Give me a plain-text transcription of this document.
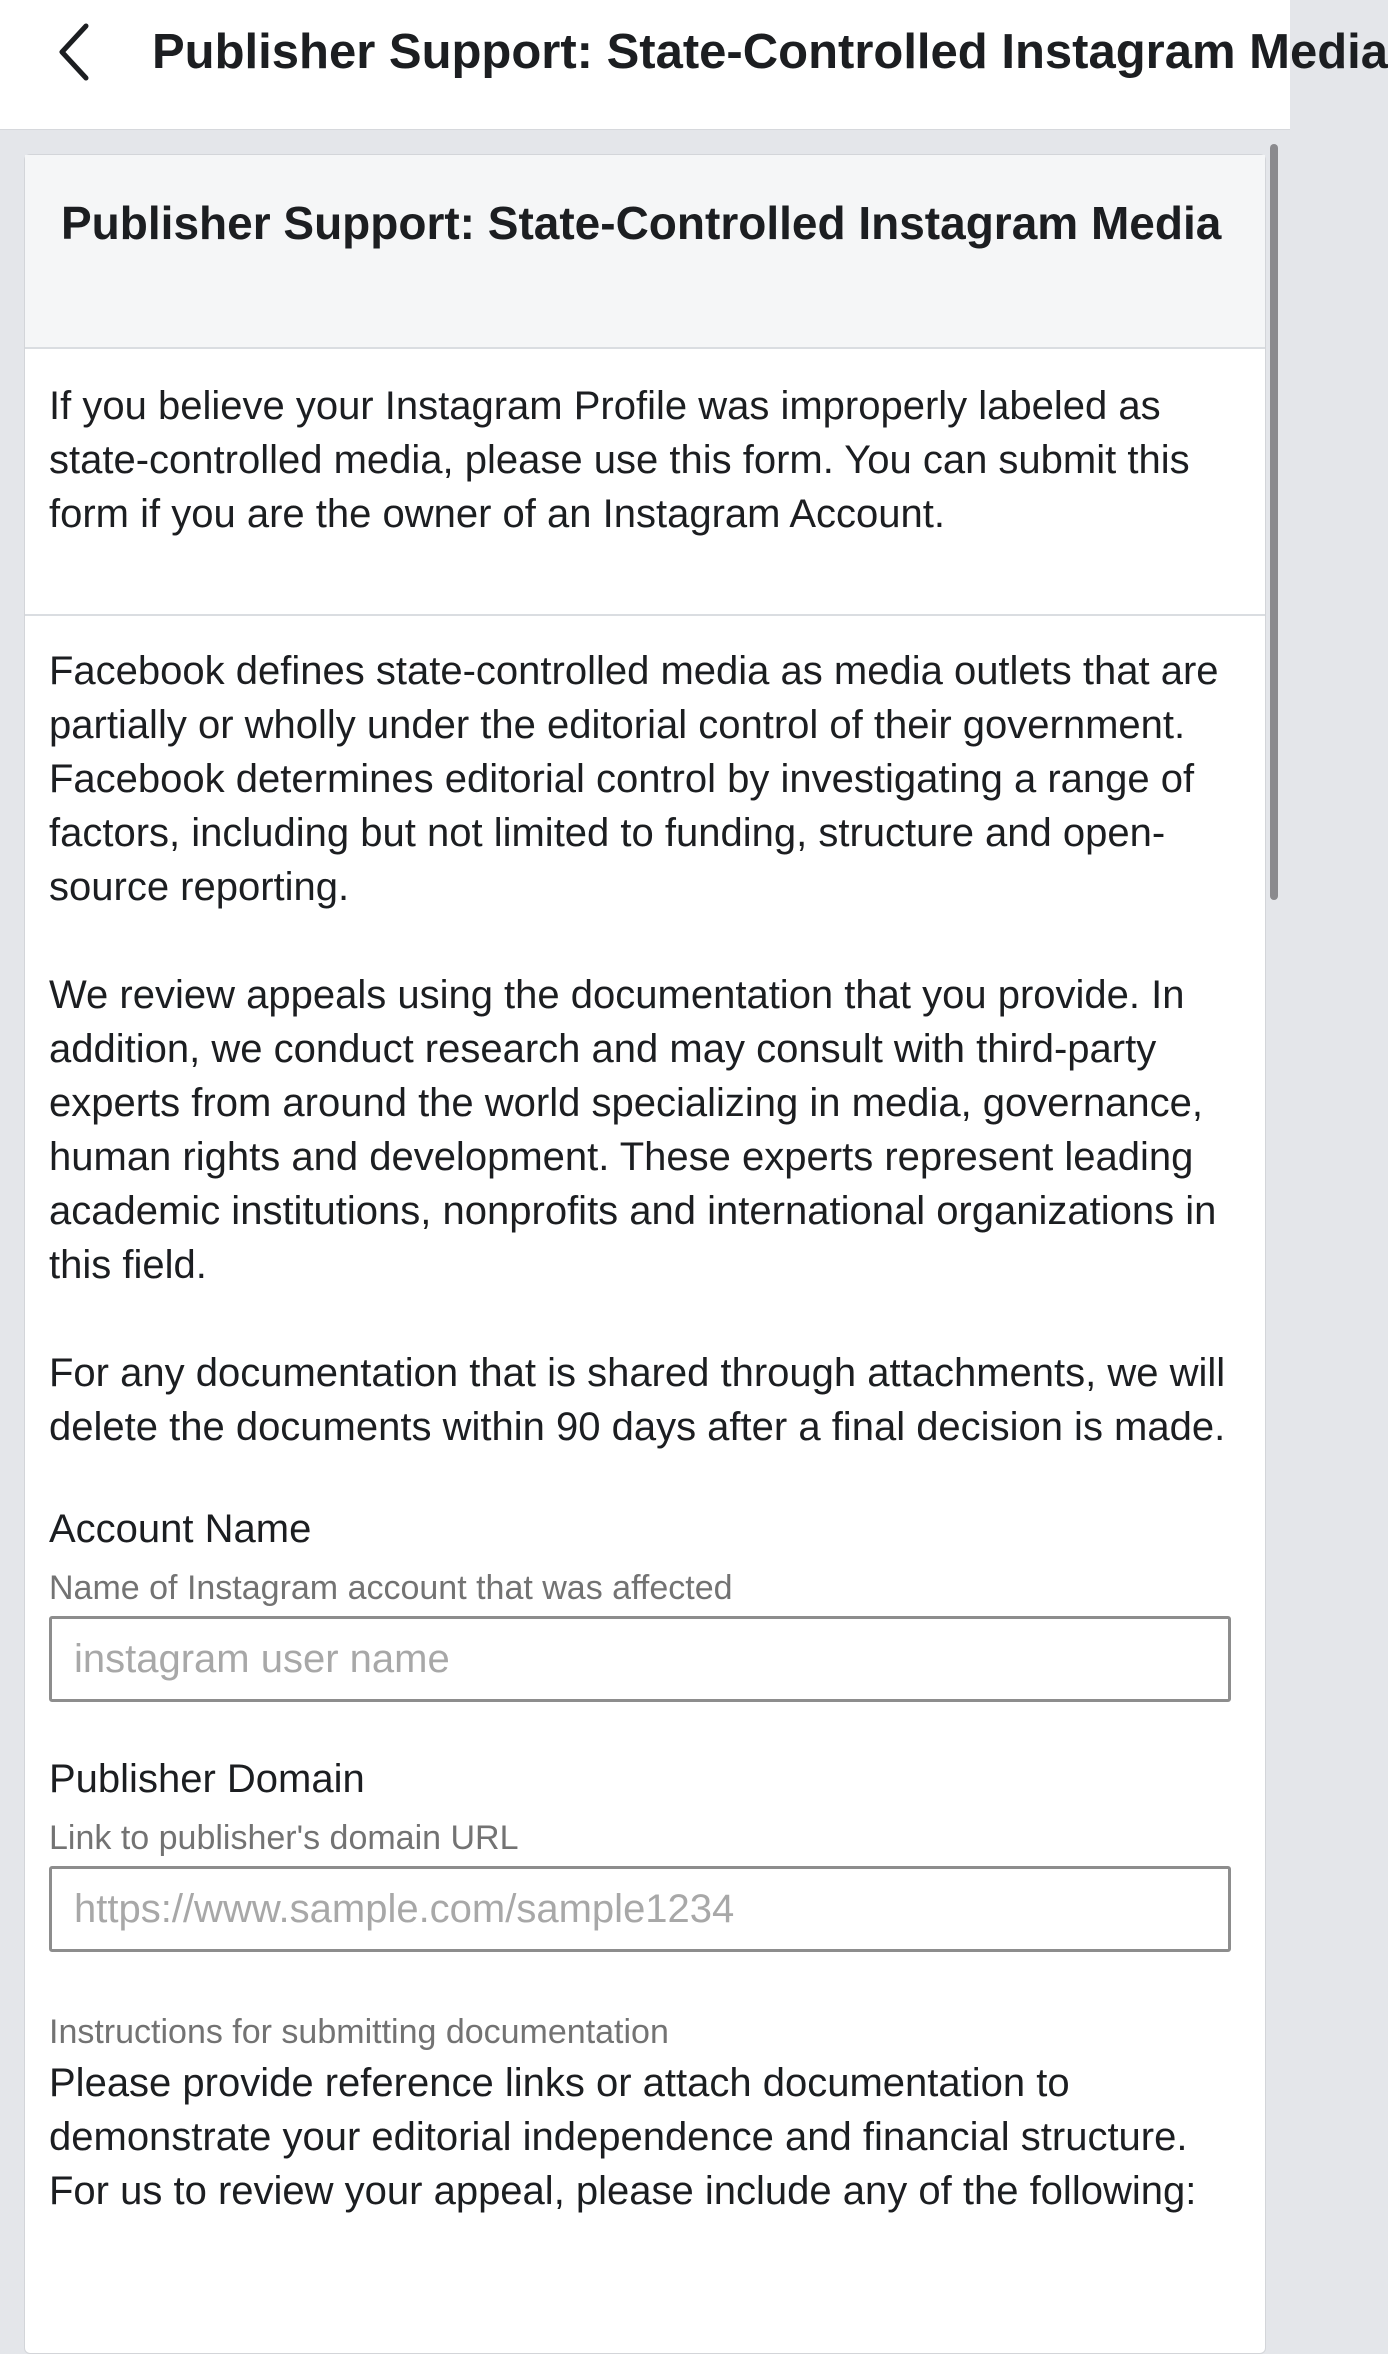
Publisher Support: State-Controlled Instagram Media
Publisher Support: State-Controlled Instagram Media
If you believe your Instagram Profile was improperly labeled as state-controlled media, please use this form. You can submit this form if you are the owner of an Instagram Account.

Facebook defines state-controlled media as media outlets that are partially or wholly under the editorial control of their government. Facebook determines editorial control by investigating a range of factors, including but not limited to funding, structure and open-source reporting.

We review appeals using the documentation that you provide. In addition, we conduct research and may consult with third-party experts from around the world specializing in media, governance, human rights and development. These experts represent leading academic institutions, nonprofits and international organizations in this field.

For any documentation that is shared through attachments, we will delete the documents within 90 days after a final decision is made.

Account Name
Name of Instagram account that was affected
instagram user name
Publisher Domain
Link to publisher's domain URL
https://www.sample.com/sample1234
Instructions for submitting documentation
Please provide reference links or attach documentation to demonstrate your editorial independence and financial structure. For us to review your appeal, please include any of the following:
